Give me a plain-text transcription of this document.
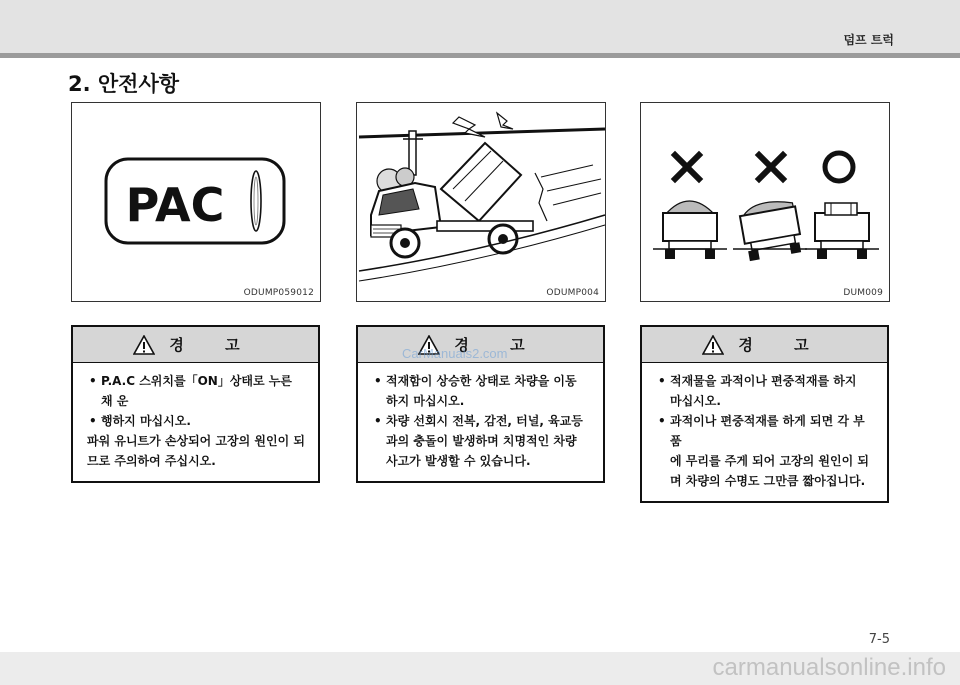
덤프 트럭
2. 안전사항
PAC
ODUMP059012	ODUMP004	DUM009
경 고
• P.A.C 스위치를「ON」상태로 누른 채 운
• 행하지 마십시오.
파워 유니트가 손상되어 고장의 원인이 되
므로 주의하여 주십시오.
경 고
• 적재함이 상승한 상태로 차량을 이동
하지 마십시오.
• 차량 선회시 전복, 감전, 터널, 육교등
과의 충돌이 발생하며 치명적인 차량
사고가 발생할 수 있습니다.
경 고
• 적재물을 과적이나 편중적재를 하지
마십시오.
• 과적이나 편중적재를 하게 되면 각 부품
에 무리를 주게 되어 고장의 원인이 되
며 차량의 수명도 그만큼 짧아집니다.
CarManuals2.com
7-5
carmanualsonline.info
